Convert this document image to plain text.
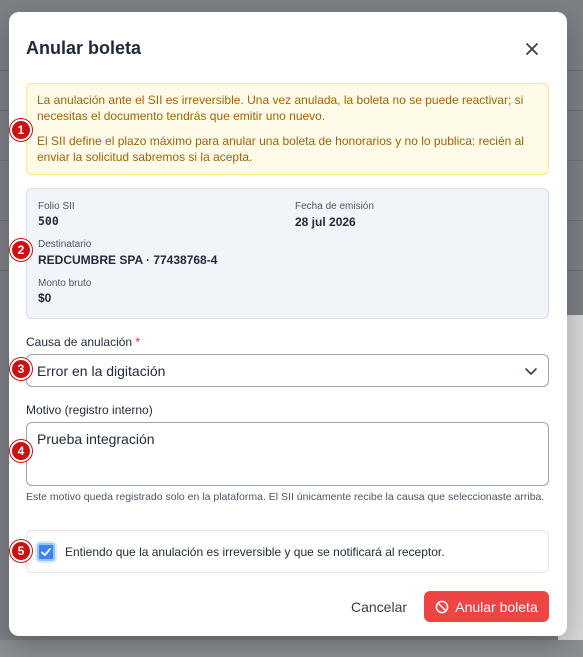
Anular boleta

La anulación ante el SII es irreversible. Una vez anulada, la boleta no se puede reactivar; si necesitas el documento tendrás que emitir uno nuevo.

El SII define el plazo máximo para anular una boleta de honorarios y no lo publica: recién al enviar la solicitud sabremos si la acepta.

Folio SII
500
Fecha de emisión
28 jul 2026
Destinatario
REDCUMBRE SPA · 77438768-4
Monto bruto
$0
Causa de anulación *
Error en la digitación
Motivo (registro interno)
Prueba integración

Este motivo queda registrado solo en la plataforma. El SII únicamente recibe la causa que seleccionaste arriba.

Entiendo que la anulación es irreversible y que se notificará al receptor.
Cancelar	Anular boleta
1
2
3
4
5
